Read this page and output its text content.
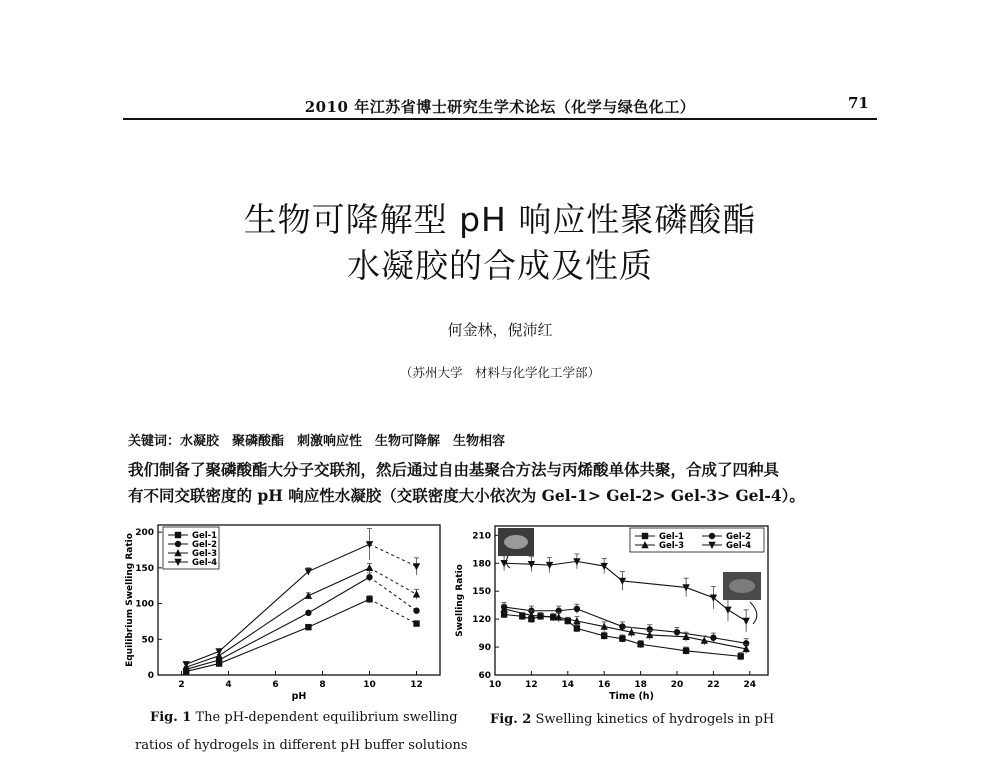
2010 年江苏省博士研究生学术论坛（化学与绿色化工）	71
生物可降解型 pH 响应性聚磷酸酯
水凝胶的合成及性质
何金林，倪沛红
（苏州大学　材料与化学化工学部）
关键词：水凝胶　聚磷酸酯　刺激响应性　生物可降解　生物相容
我们制备了聚磷酸酯大分子交联剂，然后通过自由基聚合方法与丙烯酸单体共聚，合成了四种具
有不同交联密度的 pH 响应性水凝胶（交联密度大小依次为 Gel-1> Gel-2> Gel-3> Gel-4）。
2	4	6	8	10	12
0
50
100
150
200
pH
Equilibrium Swelling Ratio	Gel-1
Gel-2
Gel-3
Gel-4
10	12	14	16	18	20	22	24
60
90
120
150
180
210
Time (h)
Swelling Ratio
Gel-1	Gel-2
Gel-3	Gel-4
Fig. 1 The pH-dependent equilibrium swelling
ratios of hydrogels in different pH buffer solutions
Fig. 2 Swelling kinetics of hydrogels in pH
